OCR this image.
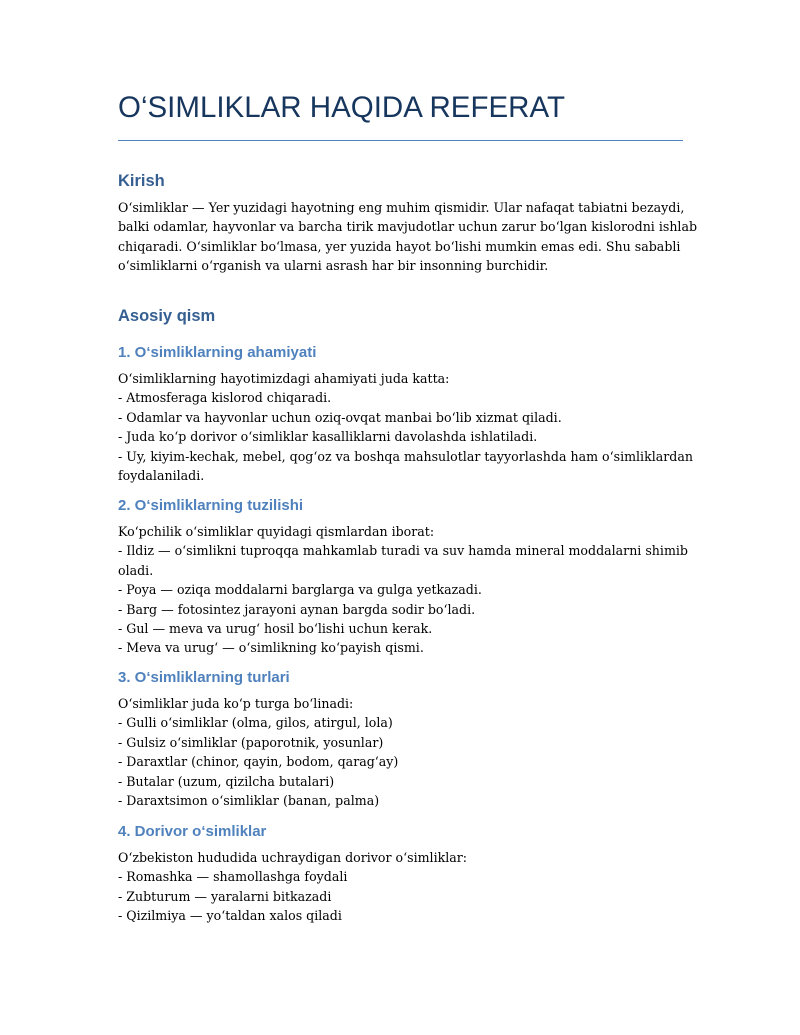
O‘SIMLIKLAR HAQIDA REFERAT
Kirish
O‘simliklar — Yer yuzidagi hayotning eng muhim qismidir. Ular nafaqat tabiatni bezaydi,
balki odamlar, hayvonlar va barcha tirik mavjudotlar uchun zarur bo‘lgan kislorodni ishlab
chiqaradi. O‘simliklar bo‘lmasa, yer yuzida hayot bo‘lishi mumkin emas edi. Shu sababli
o‘simliklarni o‘rganish va ularni asrash har bir insonning burchidir.
Asosiy qism
1. O‘simliklarning ahamiyati
O‘simliklarning hayotimizdagi ahamiyati juda katta:
- Atmosferaga kislorod chiqaradi.
- Odamlar va hayvonlar uchun oziq-ovqat manbai bo‘lib xizmat qiladi.
- Juda ko‘p dorivor o‘simliklar kasalliklarni davolashda ishlatiladi.
- Uy, kiyim-kechak, mebel, qog‘oz va boshqa mahsulotlar tayyorlashda ham o‘simliklardan
foydalaniladi.
2. O‘simliklarning tuzilishi
Ko‘pchilik o‘simliklar quyidagi qismlardan iborat:
- Ildiz — o‘simlikni tuproqqa mahkamlab turadi va suv hamda mineral moddalarni shimib
oladi.
- Poya — oziqa moddalarni barglarga va gulga yetkazadi.
- Barg — fotosintez jarayoni aynan bargda sodir bo‘ladi.
- Gul — meva va urug‘ hosil bo‘lishi uchun kerak.
- Meva va urug‘ — o‘simlikning ko‘payish qismi.
3. O‘simliklarning turlari
O‘simliklar juda ko‘p turga bo‘linadi:
- Gulli o‘simliklar (olma, gilos, atirgul, lola)
- Gulsiz o‘simliklar (paporotnik, yosunlar)
- Daraxtlar (chinor, qayin, bodom, qarag‘ay)
- Butalar (uzum, qizilcha butalari)
- Daraxtsimon o‘simliklar (banan, palma)
4. Dorivor o‘simliklar
O‘zbekiston hududida uchraydigan dorivor o‘simliklar:
- Romashka — shamollashga foydali
- Zubturum — yaralarni bitkazadi
- Qizilmiya — yo‘taldan xalos qiladi
